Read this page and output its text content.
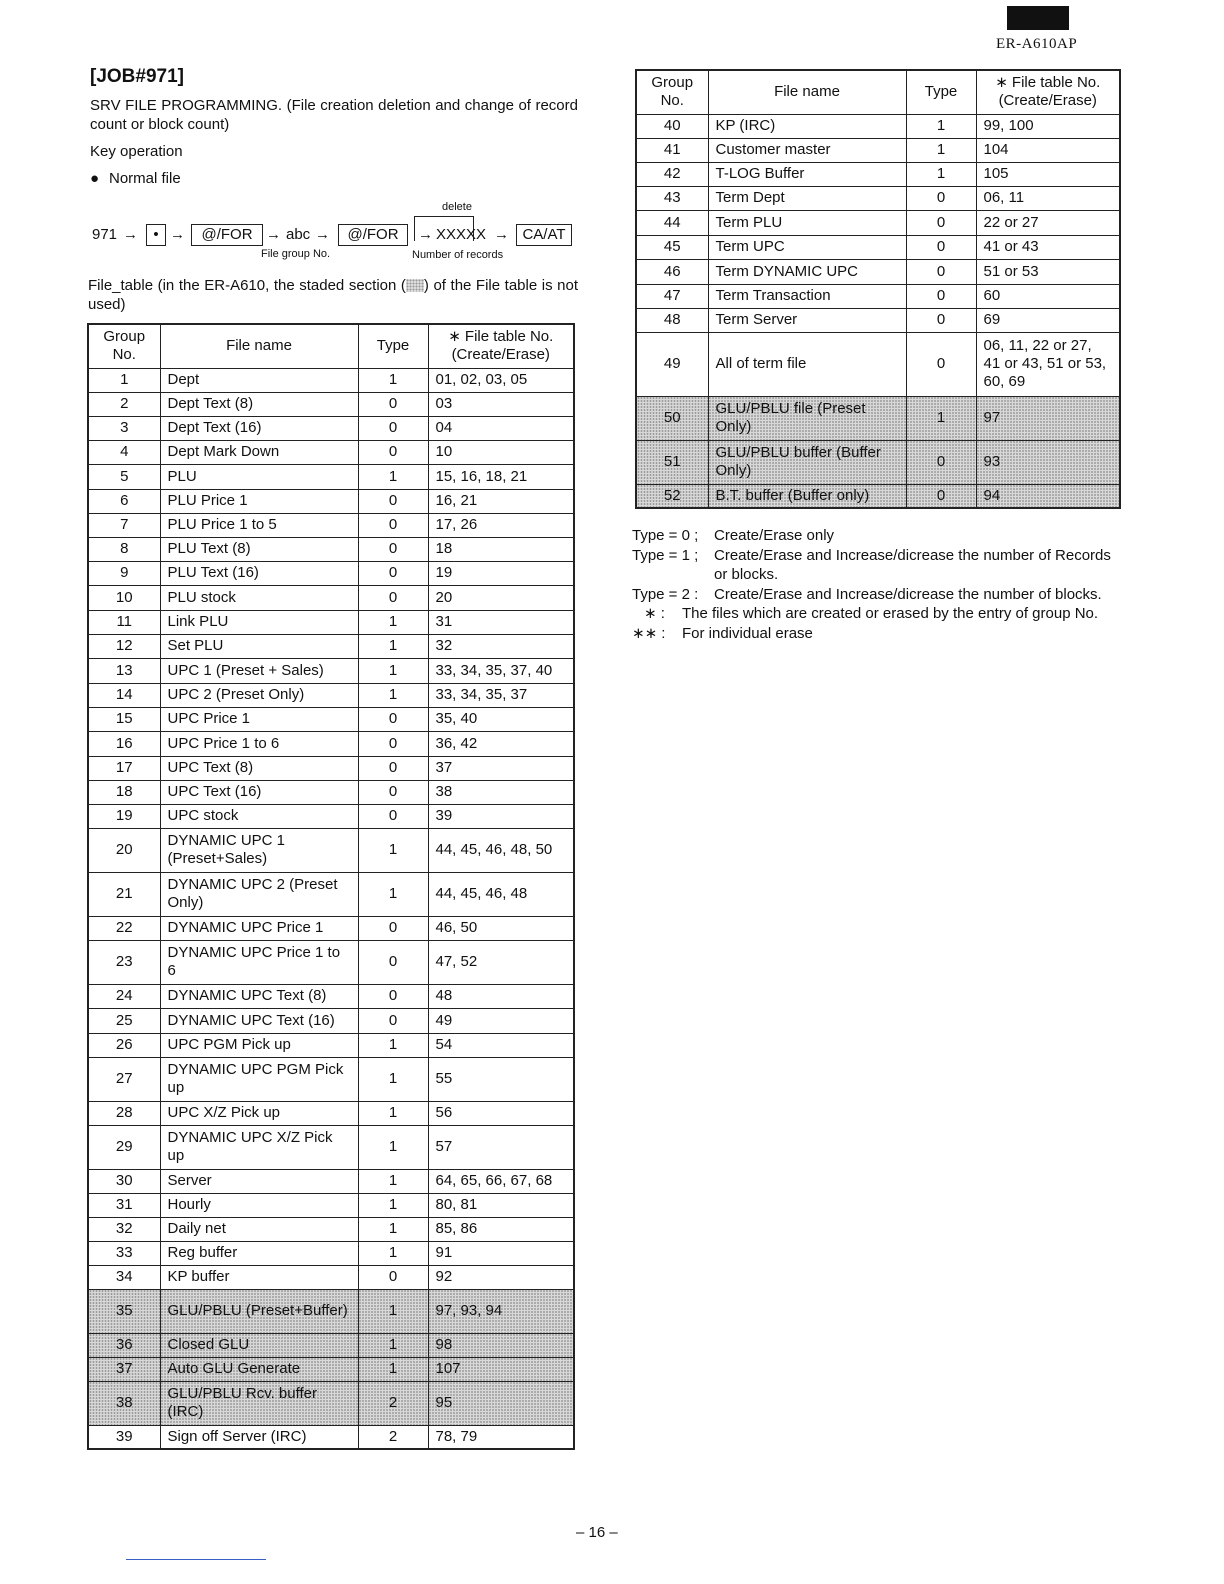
ER-A610AP
[JOB#971]
SRV FILE PROGRAMMING. (File creation deletion and change of record count or block count)
Key operation
● Normal file
971 →	• →	@/FOR → abc →	@/FOR
delete
→ XXXXX → CA/AT
File group No.	Number of records
File_table (in the ER-A610, the staded section ( ) of the File table is not used)
Group No.	File name	Type	∗ File table No. (Create/Erase)
1	Dept	1	01, 02, 03, 05
2	Dept Text (8)	0	03
3	Dept Text (16)	0	04
4	Dept Mark Down	0	10
5	PLU	1	15, 16, 18, 21
6	PLU Price 1	0	16, 21
7	PLU Price 1 to 5	0	17, 26
8	PLU Text (8)	0	18
9	PLU Text (16)	0	19
10	PLU stock	0	20
11	Link PLU	1	31
12	Set PLU	1	32
13	UPC 1 (Preset + Sales)	1	33, 34, 35, 37, 40
14	UPC 2 (Preset Only)	1	33, 34, 35, 37
15	UPC Price 1	0	35, 40
16	UPC Price 1 to 6	0	36, 42
17	UPC Text (8)	0	37
18	UPC Text (16)	0	38
19	UPC stock	0	39
20	DYNAMIC UPC 1 (Preset+Sales)	1	44, 45, 46, 48, 50
21	DYNAMIC UPC 2 (Preset Only)	1	44, 45, 46, 48
22	DYNAMIC UPC Price 1	0	46, 50
23	DYNAMIC UPC Price 1 to 6	0	47, 52
24	DYNAMIC UPC Text (8)	0	48
25	DYNAMIC UPC Text (16)	0	49
26	UPC PGM Pick up	1	54
27	DYNAMIC UPC PGM Pick up	1	55
28	UPC X/Z Pick up	1	56
29	DYNAMIC UPC X/Z Pick up	1	57
30	Server	1	64, 65, 66, 67, 68
31	Hourly	1	80, 81
32	Daily net	1	85, 86
33	Reg buffer	1	91
34	KP buffer	0	92
35	GLU/PBLU (Preset+Buffer)	1	97, 93, 94
36	Closed GLU	1	98
37	Auto GLU Generate	1	107
38	GLU/PBLU Rcv. buffer (IRC)	2	95
39	Sign off Server (IRC)	2	78, 79
Group No.	File name	Type	∗ File table No. (Create/Erase)
40	KP (IRC)	1	99, 100
41	Customer master	1	104
42	T-LOG Buffer	1	105
43	Term Dept	0	06, 11
44	Term PLU	0	22 or 27
45	Term UPC	0	41 or 43
46	Term DYNAMIC UPC	0	51 or 53
47	Term Transaction	0	60
48	Term Server	0	69
49	All of term file	0	06, 11, 22 or 27, 41 or 43, 51 or 53, 60, 69
50	GLU/PBLU file (Preset Only)	1	97
51	GLU/PBLU buffer (Buffer Only)	0	93
52	B.T. buffer (Buffer only)	0	94
Type = 0 ; Create/Erase only
Type = 1 ; Create/Erase and Increase/dicrease the number of Records or blocks.
Type = 2 : Create/Erase and Increase/dicrease the number of blocks.
∗ : The files which are created or erased by the entry of group No.
∗∗ : For individual erase
– 16 –
